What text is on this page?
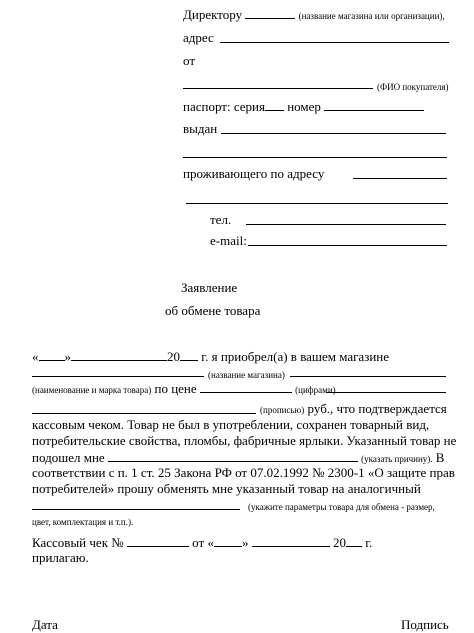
Директору	(название магазина или организации),
адрес
от
(ФИО покупателя)
паспорт: серия номер
выдан
проживающего по адресу
тел.
e-mail:
Заявление
об обмене товара
« »	20 г. я приобрел(а) в вашем магазине
(название магазина)
(наименование и марка товара) по цене	(цифрами)
(прописью) руб., что подтверждается
кассовым чеком. Товар не был в употреблении, сохранен товарный вид,
потребительские свойства, пломбы, фабричные ярлыки. Указанный товар не
подошел мне	(указать причину). В
соответствии с п. 1 ст. 25 Закона РФ от 07.02.1992 № 2300-1 «О защите прав
потребителей» прошу обменять мне указанный товар на аналогичный
(укажите параметры товара для обмена - размер,
цвет, комплектация и т.п.).
Кассовый чек №	от « »	20 г.
прилагаю.
Дата	Подпись
